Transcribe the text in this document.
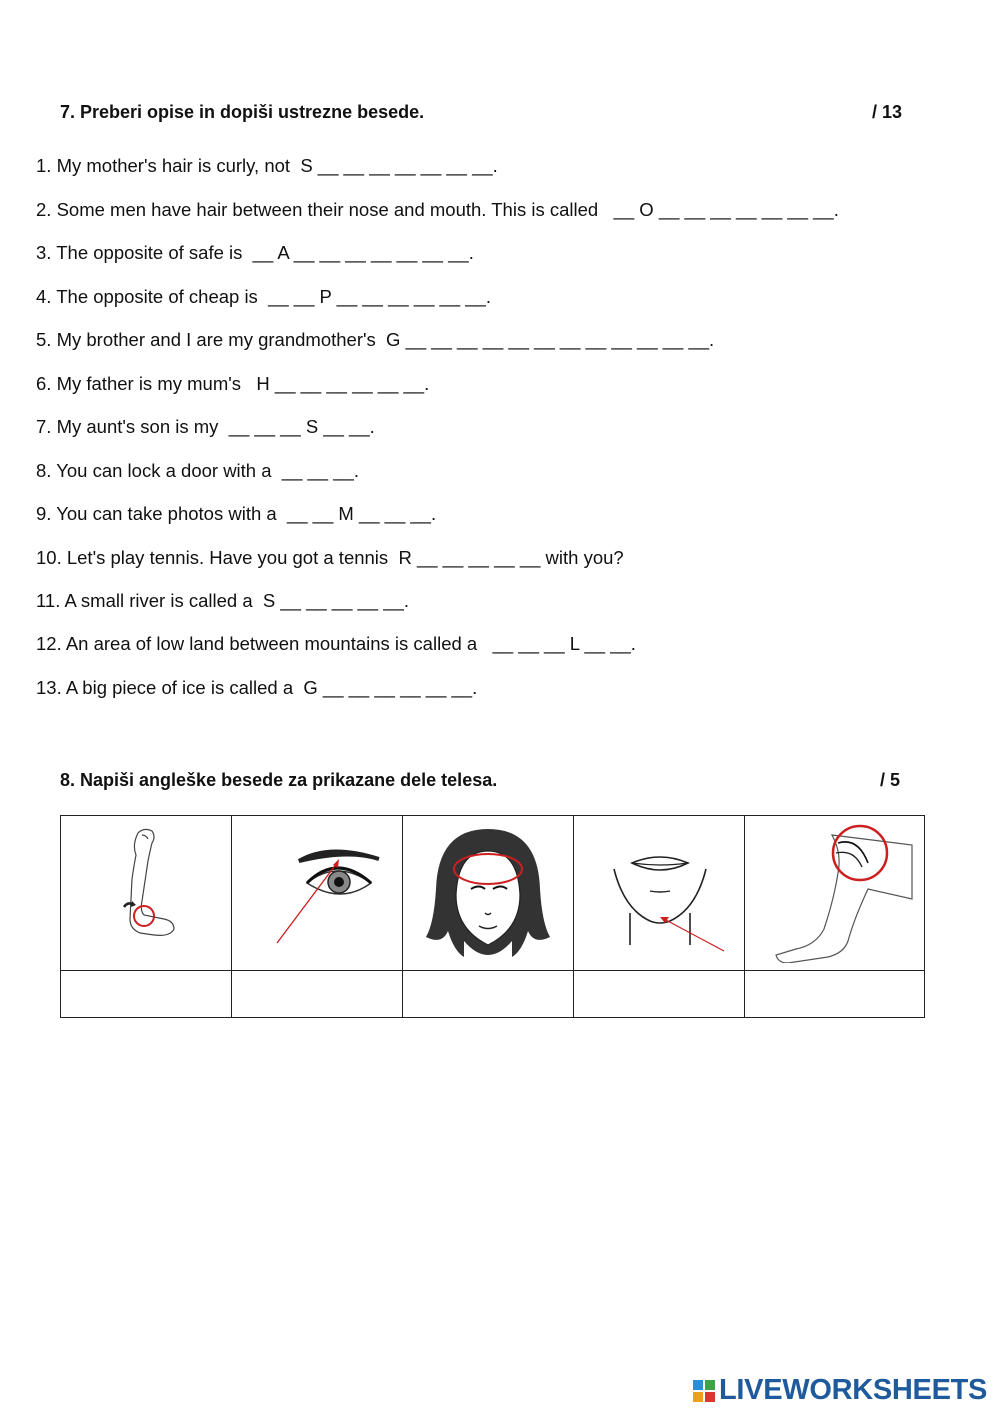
7. Preberi opise in dopiši ustrezne besede.	/ 13
1. My mother's hair is curly, not  S __ __ __ __ __ __ __.
2. Some men have hair between their nose and mouth. This is called   __ O __ __ __ __ __ __ __.
3. The opposite of safe is  __ A __ __ __ __ __ __ __.
4. The opposite of cheap is  __ __ P __ __ __ __ __ __.
5. My brother and I are my grandmother's  G __ __ __ __ __ __ __ __ __ __ __ __.
6. My father is my mum's   H __ __ __ __ __ __.
7. My aunt's son is my  __ __ __ S __ __.
8. You can lock a door with a  __ __ __.
9. You can take photos with a  __ __ M __ __ __.
10. Let's play tennis. Have you got a tennis  R __ __ __ __ __ with you?
11. A small river is called a  S __ __ __ __ __.
12. An area of low land between mountains is called a   __ __ __ L __ __.
13. A big piece of ice is called a  G __ __ __ __ __ __.
8. Napiši angleške besede za prikazane dele telesa.	/ 5

LIVEWORKSHEETS
